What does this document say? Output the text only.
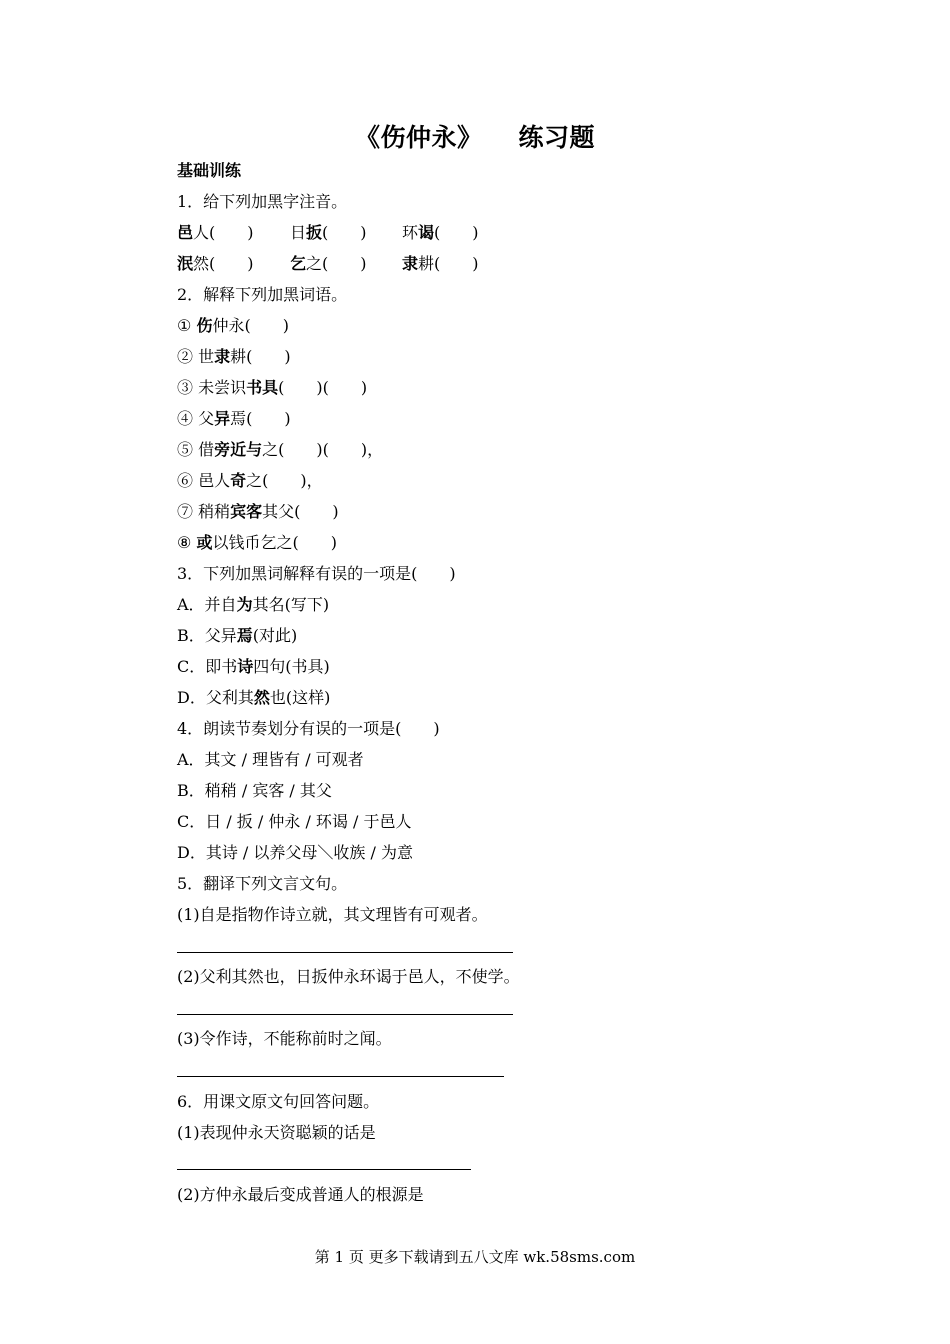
《伤仲永》 练习题
基础训练
1．给下列加黑字注音。
邑人(　　) 日扳(　　) 环谒(　　)
泯然(　　) 乞之(　　) 隶耕(　　)
2．解释下列加黑词语。
① 伤仲永(　　)
② 世隶耕(　　)
③ 未尝识书具(　　)(　　)
④ 父异焉(　　)
⑤ 借旁近与之(　　)(　　)，
⑥ 邑人奇之(　　)，
⑦ 稍稍宾客其父(　　)
⑧ 或以钱币乞之(　　)
3．下列加黑词解释有误的一项是(　　)
A．并自为其名(写下)
B．父异焉(对此)
C．即书诗四句(书具)
D．父利其然也(这样)
4．朗读节奏划分有误的一项是(　　)
A．其文 / 理皆有 / 可观者
B．稍稍 / 宾客 / 其父
C．日 / 扳 / 仲永 / 环谒 / 于邑人
D．其诗 / 以养父母＼收族 / 为意
5．翻译下列文言文句。
(1)自是指物作诗立就，其文理皆有可观者。
(2)父利其然也，日扳仲永环谒于邑人，不使学。
(3)令作诗，不能称前时之闻。
6．用课文原文句回答问题。
(1)表现仲永天资聪颖的话是
(2)方仲永最后变成普通人的根源是
第 1 页 更多下载请到五八文库 wk.58sms.com
